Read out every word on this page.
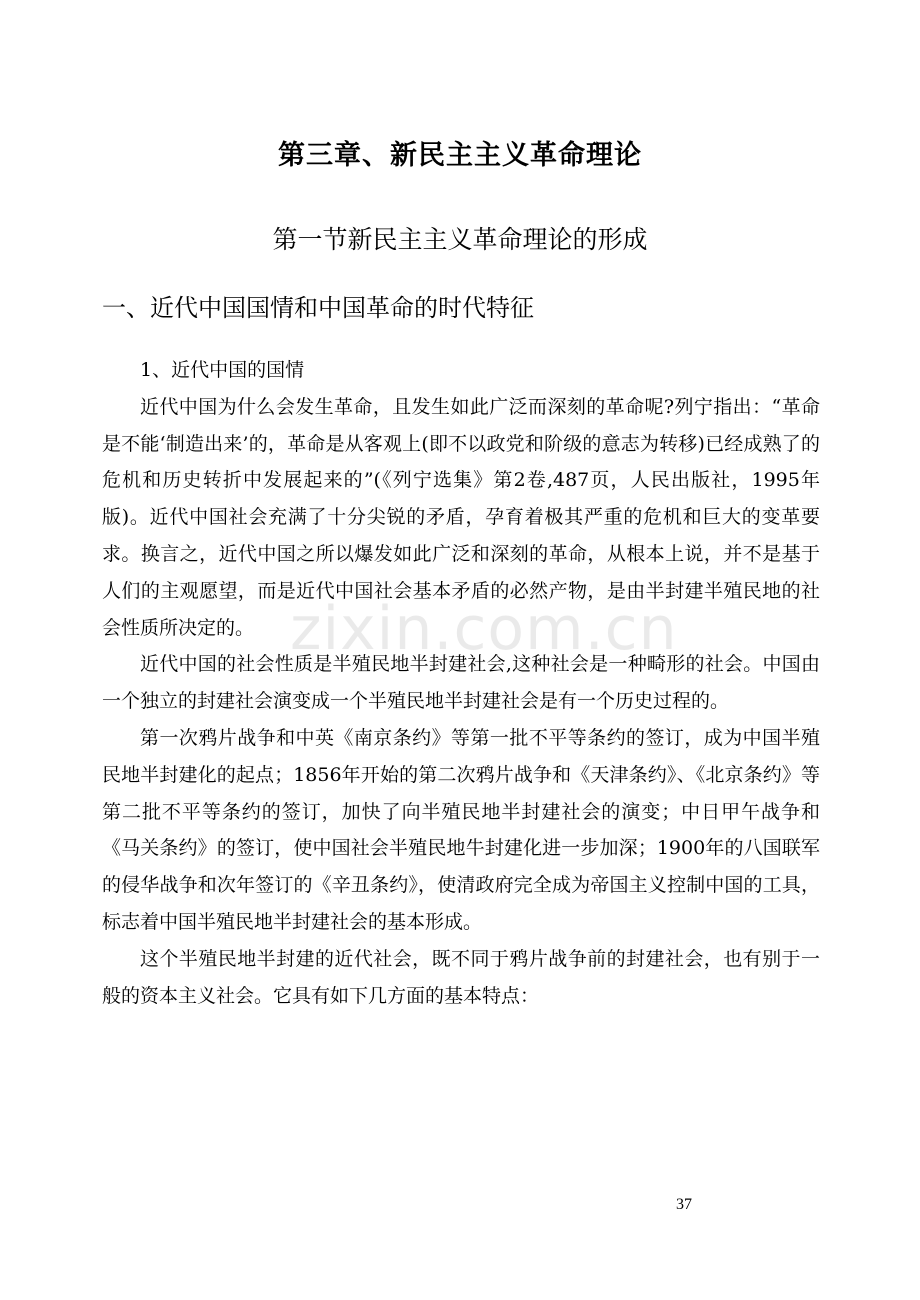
第三章、新民主主义革命理论
第一节新民主主义革命理论的形成
一、近代中国国情和中国革命的时代特征

1、近代中国的国情

近代中国为什么会发生革命，且发生如此广泛而深刻的革命呢?列宁指出：“革命是不能‘制造出来’的，革命是从客观上(即不以政党和阶级的意志为转移)已经成熟了的危机和历史转折中发展起来的”(《列宁选集》第2卷,487页，人民出版社，1995年版)。近代中国社会充满了十分尖锐的矛盾，孕育着极其严重的危机和巨大的变革要求。换言之，近代中国之所以爆发如此广泛和深刻的革命，从根本上说，并不是基于人们的主观愿望，而是近代中国社会基本矛盾的必然产物，是由半封建半殖民地的社会性质所决定的。

近代中国的社会性质是半殖民地半封建社会,这种社会是一种畸形的社会。中国由一个独立的封建社会演变成一个半殖民地半封建社会是有一个历史过程的。

第一次鸦片战争和中英《南京条约》等第一批不平等条约的签订，成为中国半殖民地半封建化的起点；1856年开始的第二次鸦片战争和《天津条约》、《北京条约》等第二批不平等条约的签订，加快了向半殖民地半封建社会的演变；中日甲午战争和《马关条约》的签订，使中国社会半殖民地牛封建化进一步加深；1900年的八国联军的侵华战争和次年签订的《辛丑条约》，使清政府完全成为帝国主义控制中国的工具，标志着中国半殖民地半封建社会的基本形成。

这个半殖民地半封建的近代社会，既不同于鸦片战争前的封建社会，也有别于一般的资本主义社会。它具有如下几方面的基本特点：

zixin.com.cn
37
